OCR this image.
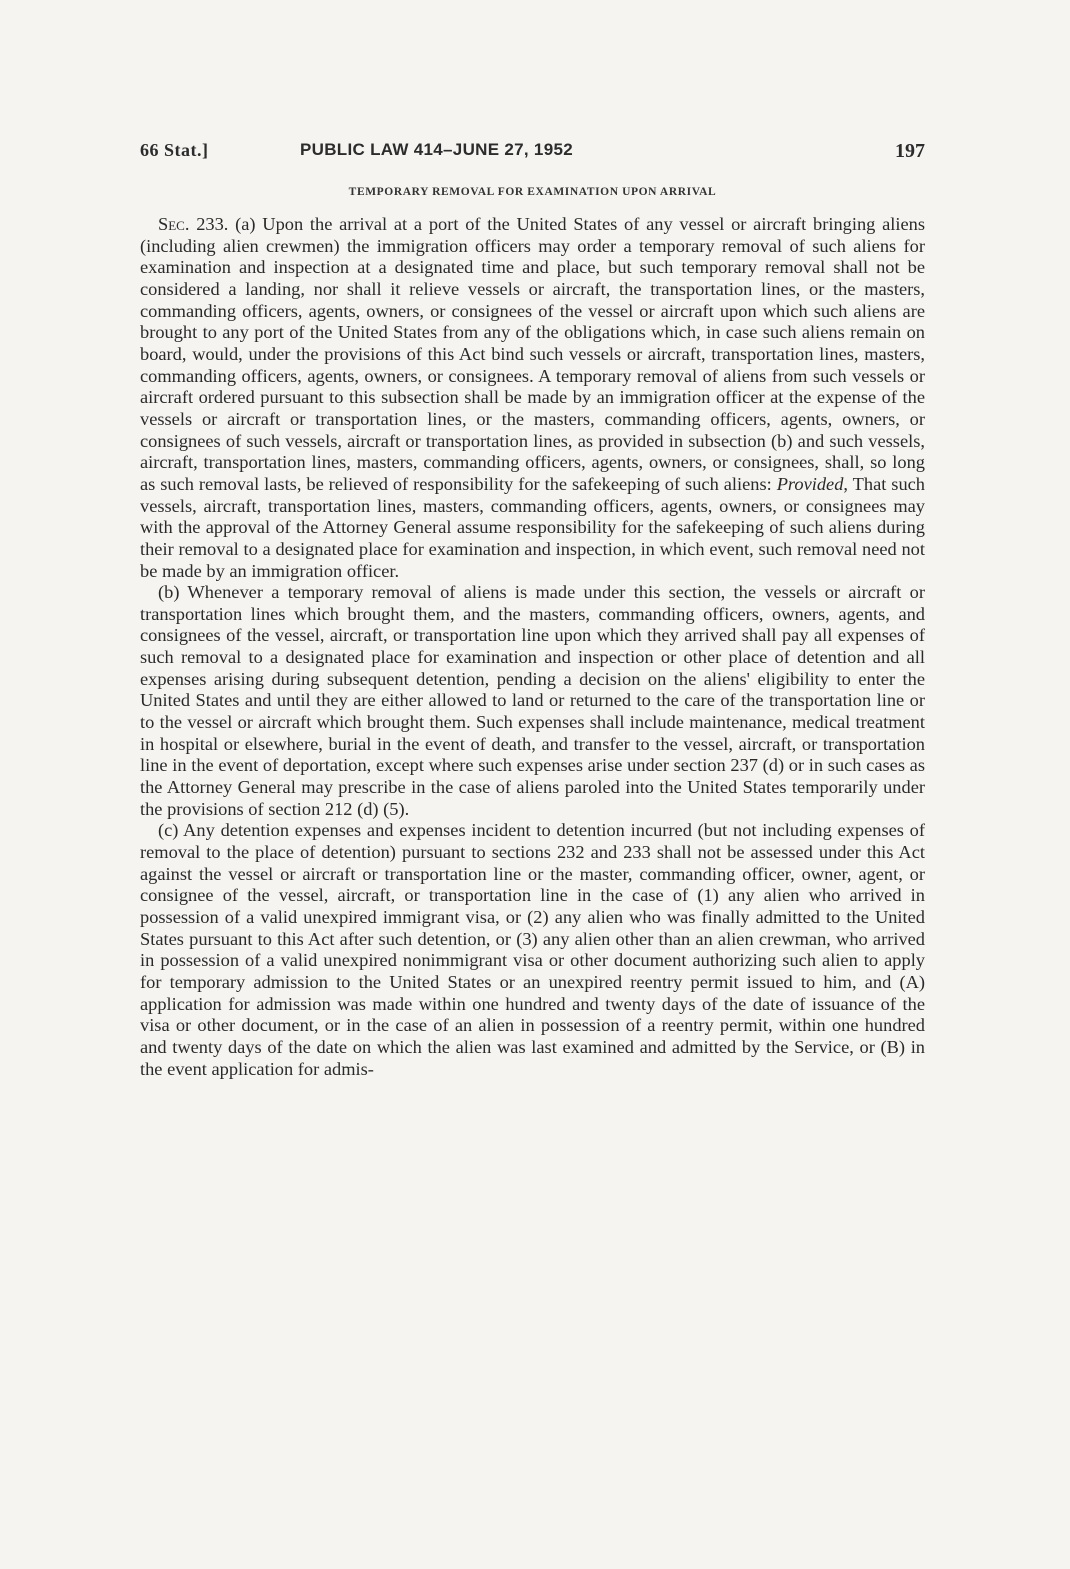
66 Stat.]	PUBLIC LAW 414–JUNE 27, 1952	197
TEMPORARY REMOVAL FOR EXAMINATION UPON ARRIVAL

Sec. 233. (a) Upon the arrival at a port of the United States of any vessel or aircraft bringing aliens (including alien crewmen) the immigration officers may order a temporary removal of such aliens for examination and inspection at a designated time and place, but such temporary removal shall not be considered a landing, nor shall it relieve vessels or aircraft, the transportation lines, or the masters, commanding officers, agents, owners, or consignees of the vessel or aircraft upon which such aliens are brought to any port of the United States from any of the obligations which, in case such aliens remain on board, would, under the provisions of this Act bind such vessels or aircraft, transportation lines, masters, commanding officers, agents, owners, or consignees. A temporary removal of aliens from such vessels or aircraft ordered pursuant to this subsection shall be made by an immigration officer at the expense of the vessels or aircraft or transportation lines, or the masters, commanding officers, agents, owners, or consignees of such vessels, aircraft or transportation lines, as provided in subsection (b) and such vessels, aircraft, transportation lines, masters, commanding officers, agents, owners, or consignees, shall, so long as such removal lasts, be relieved of responsibility for the safekeeping of such aliens: Provided, That such vessels, aircraft, transportation lines, masters, commanding officers, agents, owners, or consignees may with the approval of the Attorney General assume responsibility for the safekeeping of such aliens during their removal to a designated place for examination and inspection, in which event, such removal need not be made by an immigration officer.

(b) Whenever a temporary removal of aliens is made under this section, the vessels or aircraft or transportation lines which brought them, and the masters, commanding officers, owners, agents, and consignees of the vessel, aircraft, or transportation line upon which they arrived shall pay all expenses of such removal to a designated place for examination and inspection or other place of detention and all expenses arising during subsequent detention, pending a decision on the aliens' eligibility to enter the United States and until they are either allowed to land or returned to the care of the transportation line or to the vessel or aircraft which brought them. Such expenses shall include maintenance, medical treatment in hospital or elsewhere, burial in the event of death, and transfer to the vessel, aircraft, or transportation line in the event of deportation, except where such expenses arise under section 237 (d) or in such cases as the Attorney General may prescribe in the case of aliens paroled into the United States temporarily under the provisions of section 212 (d) (5).

(c) Any detention expenses and expenses incident to detention incurred (but not including expenses of removal to the place of detention) pursuant to sections 232 and 233 shall not be assessed under this Act against the vessel or aircraft or transportation line or the master, commanding officer, owner, agent, or consignee of the vessel, aircraft, or transportation line in the case of (1) any alien who arrived in possession of a valid unexpired immigrant visa, or (2) any alien who was finally admitted to the United States pursuant to this Act after such detention, or (3) any alien other than an alien crewman, who arrived in possession of a valid unexpired nonimmigrant visa or other document authorizing such alien to apply for temporary admission to the United States or an unexpired reentry permit issued to him, and (A) application for admission was made within one hundred and twenty days of the date of issuance of the visa or other document, or in the case of an alien in possession of a reentry permit, within one hundred and twenty days of the date on which the alien was last examined and admitted by the Service, or (B) in the event application for admis-
